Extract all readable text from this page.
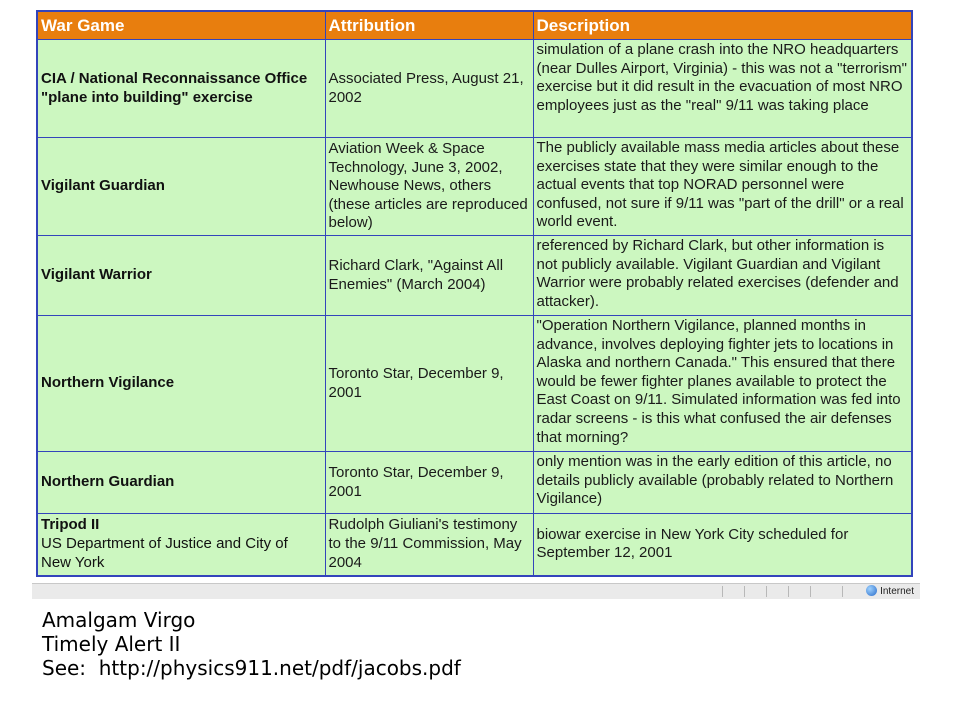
War Game	Attribution	Description

CIA / National Reconnaissance Office "plane into building" exercise	Associated Press, August 21, 2002	simulation of a plane crash into the NRO headquarters (near Dulles Airport, Virginia) - this was not a "terrorism" exercise but it did result in the evacuation of most NRO employees just as the "real" 9/11 was taking place

Vigilant Guardian	Aviation Week & Space Technology, June 3, 2002, Newhouse News, others (these articles are reproduced below)	The publicly available mass media articles about these exercises state that they were similar enough to the actual events that top NORAD personnel were confused, not sure if 9/11 was "part of the drill" or a real world event.

Vigilant Warrior	Richard Clark, "Against All Enemies" (March 2004)	referenced by Richard Clark, but other information is not publicly available. Vigilant Guardian and Vigilant Warrior were probably related exercises (defender and attacker).

Northern Vigilance	Toronto Star, December 9, 2001	"Operation Northern Vigilance, planned months in advance, involves deploying fighter jets to locations in Alaska and northern Canada." This ensured that there would be fewer fighter planes available to protect the East Coast on 9/11. Simulated information was fed into radar screens - is this what confused the air defenses that morning?

Northern Guardian	Toronto Star, December 9, 2001	only mention was in the early edition of this article, no details publicly available (probably related to Northern Vigilance)

Tripod II
US Department of Justice and City of New York	Rudolph Giuliani's testimony to the 9/11 Commission, May 2004	biowar exercise in New York City scheduled for September 12, 2001
Internet
Amalgam Virgo
Timely Alert II
See:  http://physics911.net/pdf/jacobs.pdf
